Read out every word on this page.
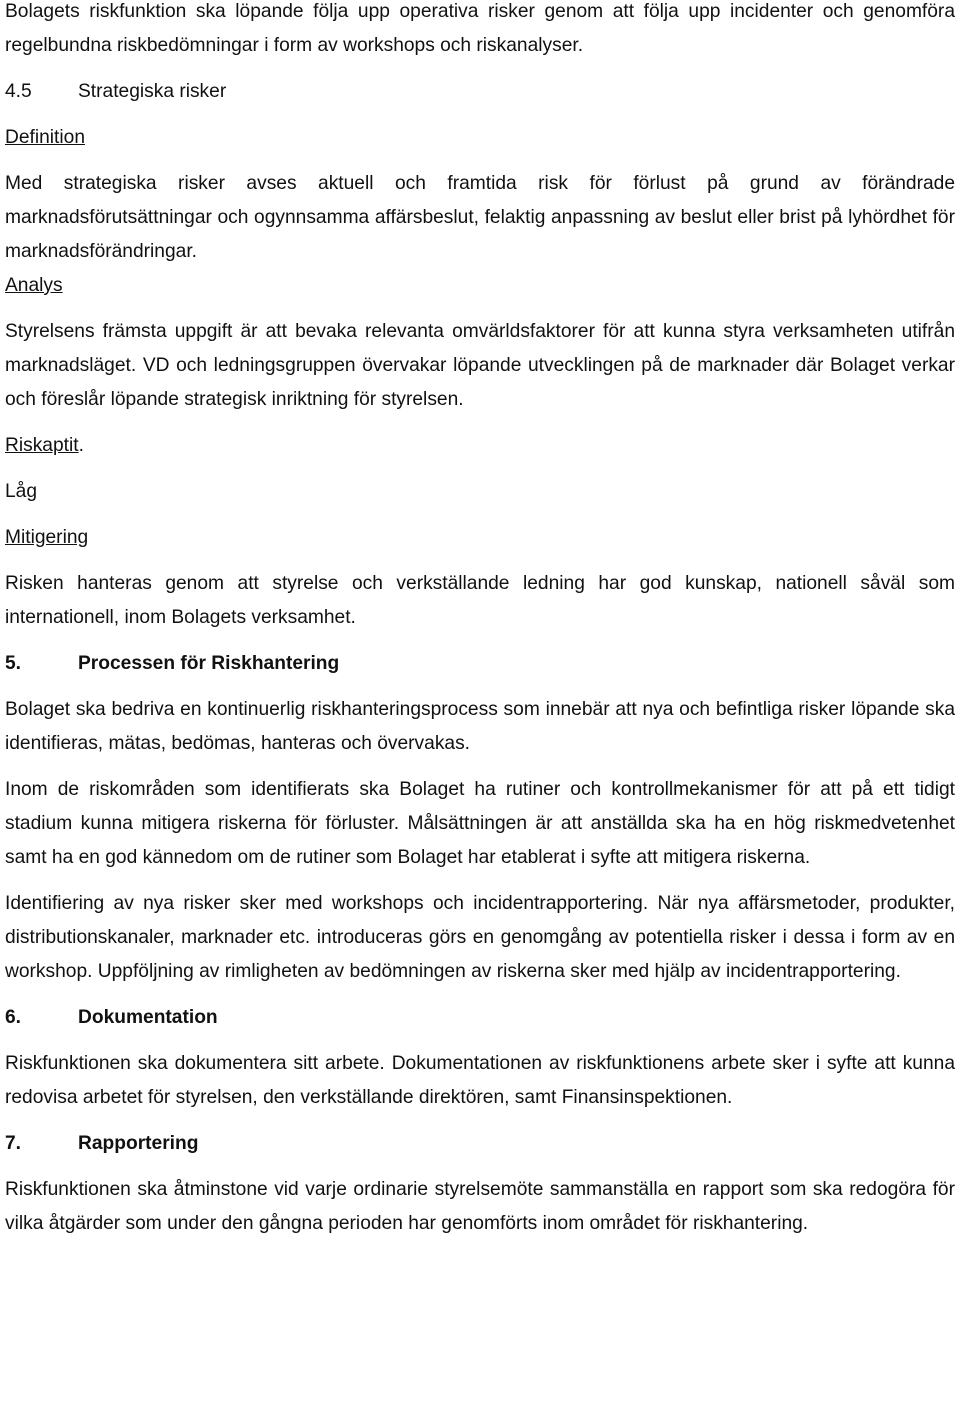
Bolagets riskfunktion ska löpande följa upp operativa risker genom att följa upp incidenter och genomföra regelbundna riskbedömningar i form av workshops och riskanalyser.

4.5	Strategiska risker

Definition

Med strategiska risker avses aktuell och framtida risk för förlust på grund av förändrade marknadsförutsättningar och ogynnsamma affärsbeslut, felaktig anpassning av beslut eller brist på lyhördhet för marknadsförändringar.

Analys

Styrelsens främsta uppgift är att bevaka relevanta omvärldsfaktorer för att kunna styra verksamheten utifrån marknadsläget. VD och ledningsgruppen övervakar löpande utvecklingen på de marknader där Bolaget verkar och föreslår löpande strategisk inriktning för styrelsen.

Riskaptit.

Låg

Mitigering

Risken hanteras genom att styrelse och verkställande ledning har god kunskap, nationell såväl som internationell, inom Bolagets verksamhet.

5.	Processen för Riskhantering

Bolaget ska bedriva en kontinuerlig riskhanteringsprocess som innebär att nya och befintliga risker löpande ska identifieras, mätas, bedömas, hanteras och övervakas.

Inom de riskområden som identifierats ska Bolaget ha rutiner och kontrollmekanismer för att på ett tidigt stadium kunna mitigera riskerna för förluster. Målsättningen är att anställda ska ha en hög riskmedvetenhet samt ha en god kännedom om de rutiner som Bolaget har etablerat i syfte att mitigera riskerna.

Identifiering av nya risker sker med workshops och incidentrapportering. När nya affärsmetoder, produkter, distributionskanaler, marknader etc. introduceras görs en genomgång av potentiella risker i dessa i form av en workshop. Uppföljning av rimligheten av bedömningen av riskerna sker med hjälp av incidentrapportering.

6.	Dokumentation

Riskfunktionen ska dokumentera sitt arbete. Dokumentationen av riskfunktionens arbete sker i syfte att kunna redovisa arbetet för styrelsen, den verkställande direktören, samt Finansinspektionen.

7.	Rapportering

Riskfunktionen ska åtminstone vid varje ordinarie styrelsemöte sammanställa en rapport som ska redogöra för vilka åtgärder som under den gångna perioden har genomförts inom området för riskhantering.
